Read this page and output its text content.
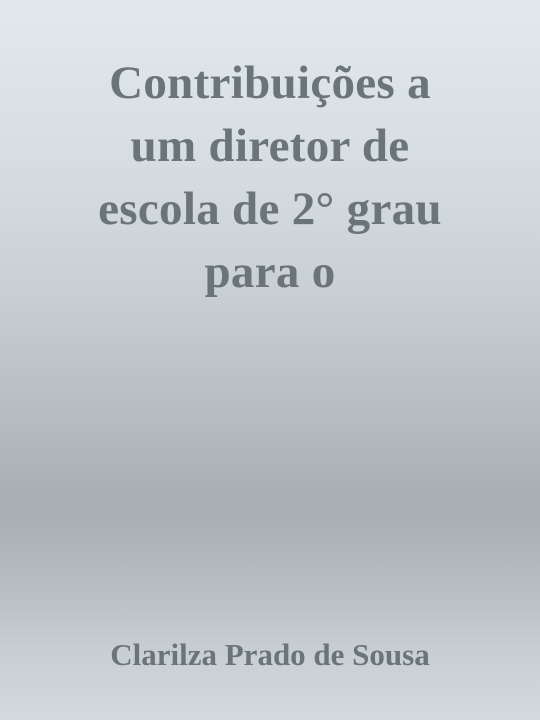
Contribuições a
um diretor de
escola de 2° grau
para o

Clarilza Prado de Sousa
